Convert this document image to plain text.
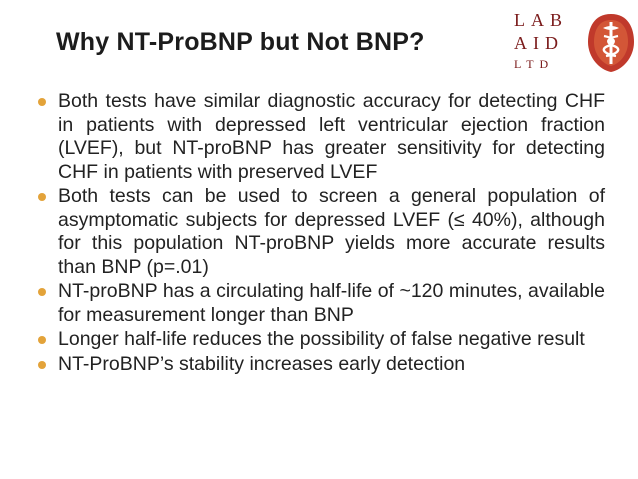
Why NT-ProBNP but Not BNP?
LAB
AID
LTD
Both tests have similar diagnostic accuracy for detecting CHF in patients with depressed left ventricular ejection fraction (LVEF), but NT-proBNP has greater sensitivity for detecting CHF in patients with preserved LVEF
Both tests can be used to screen a general population of asymptomatic subjects for depressed LVEF (≤ 40%), although for this population NT-proBNP yields more accurate results than BNP (p=.01)
NT-proBNP has a circulating half-life of ~120 minutes, available for measurement longer than BNP
Longer half-life reduces the possibility of false negative result
NT-ProBNP’s stability increases early detection
